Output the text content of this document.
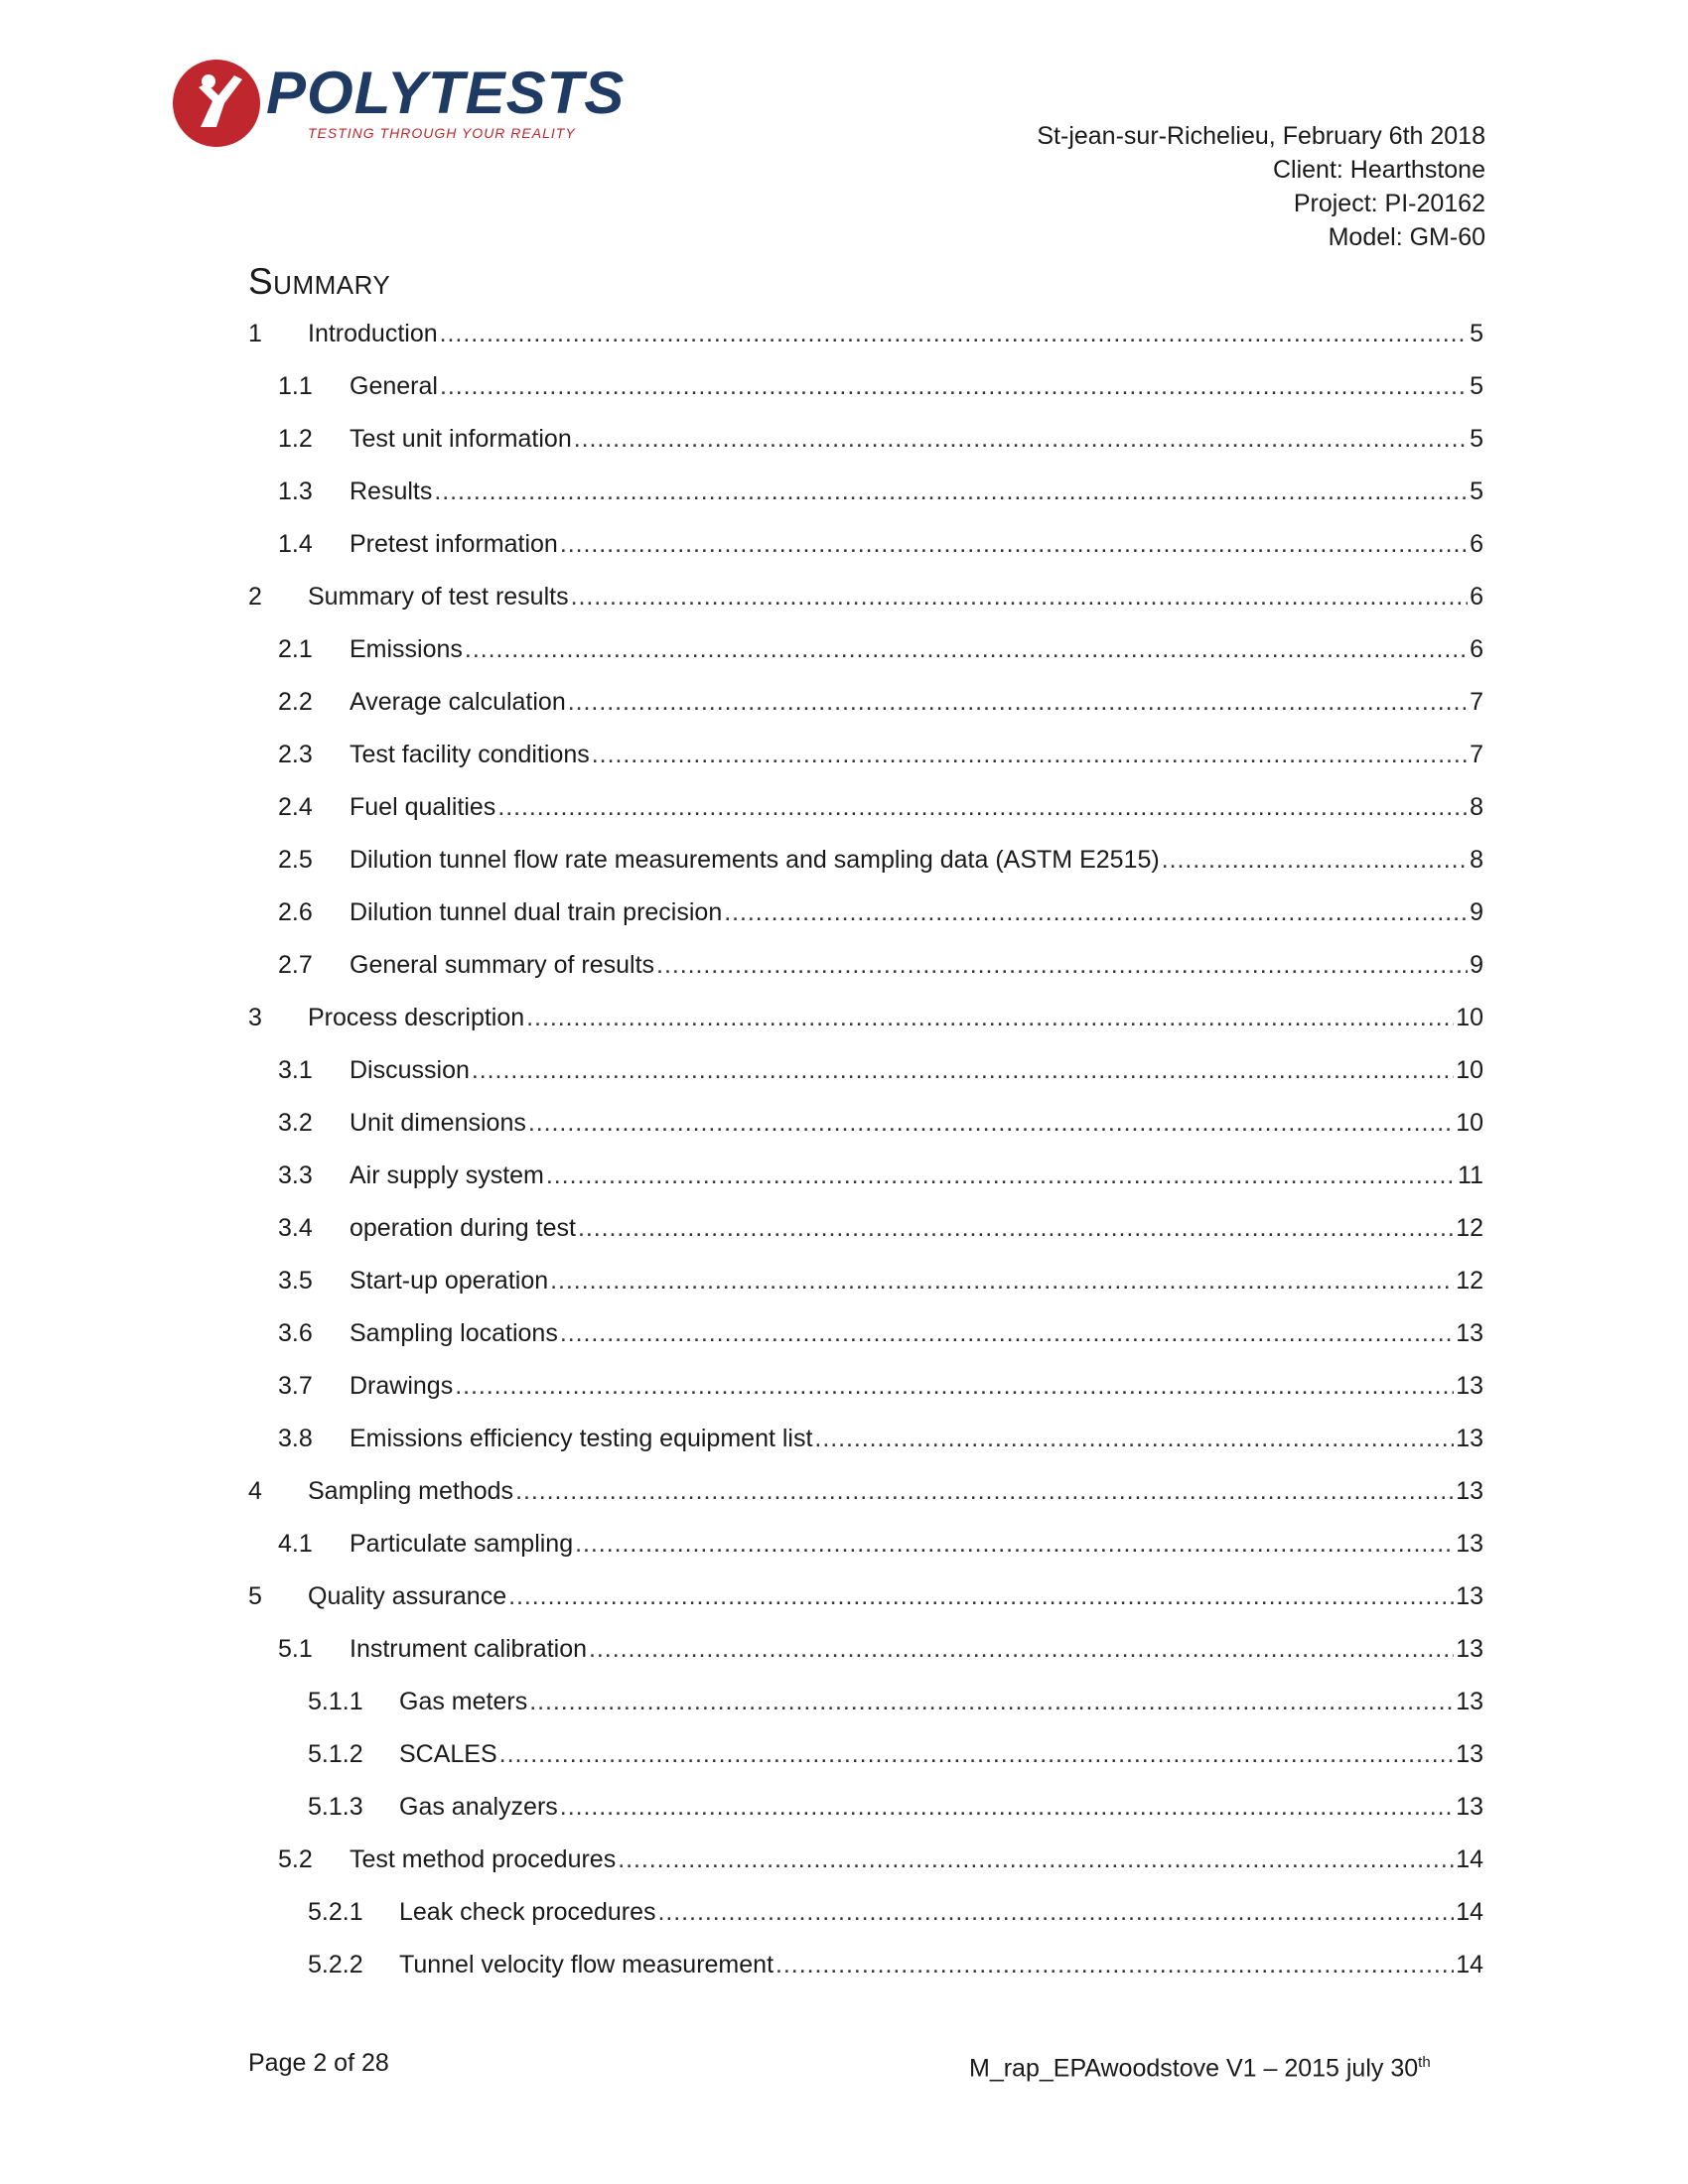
POLYTESTS
TESTING THROUGH YOUR REALITY	St-jean-sur-Richelieu, February 6th 2018
Client: Hearthstone
Project: PI-20162
Model: GM-60
Summary
1	Introduction . . .	5
1.1	General . . .	5
1.2	Test unit information . . .	5
1.3	Results . . .	5
1.4	Pretest information . . .	6
2	Summary of test results . . .	6
2.1	Emissions . . .	6
2.2	Average calculation . . .	7
2.3	Test facility conditions . . .	7
2.4	Fuel qualities . . .	8
2.5	Dilution tunnel flow rate measurements and sampling data (ASTM E2515) . . .	8
2.6	Dilution tunnel dual train precision . . .	9
2.7	General summary of results . . .	9
3	Process description . . .	10
3.1	Discussion . . .	10
3.2	Unit dimensions . . .	10
3.3	Air supply system . . .	11
3.4	operation during test . . .	12
3.5	Start-up operation . . .	12
3.6	Sampling locations . . .	13
3.7	Drawings . . .	13
3.8	Emissions efficiency testing equipment list . . .	13
4	Sampling methods . . .	13
4.1	Particulate sampling . . .	13
5	Quality assurance . . .	13
5.1	Instrument calibration . . .	13
5.1.1	Gas meters . . .	13
5.1.2	SCALES . . .	13
5.1.3	Gas analyzers . . .	13
5.2	Test method procedures . . .	14
5.2.1	Leak check procedures . . .	14
5.2.2	Tunnel velocity flow measurement . . .	14
Page 2 of 28	M_rap_EPAwoodstove V1 – 2015 july 30th
